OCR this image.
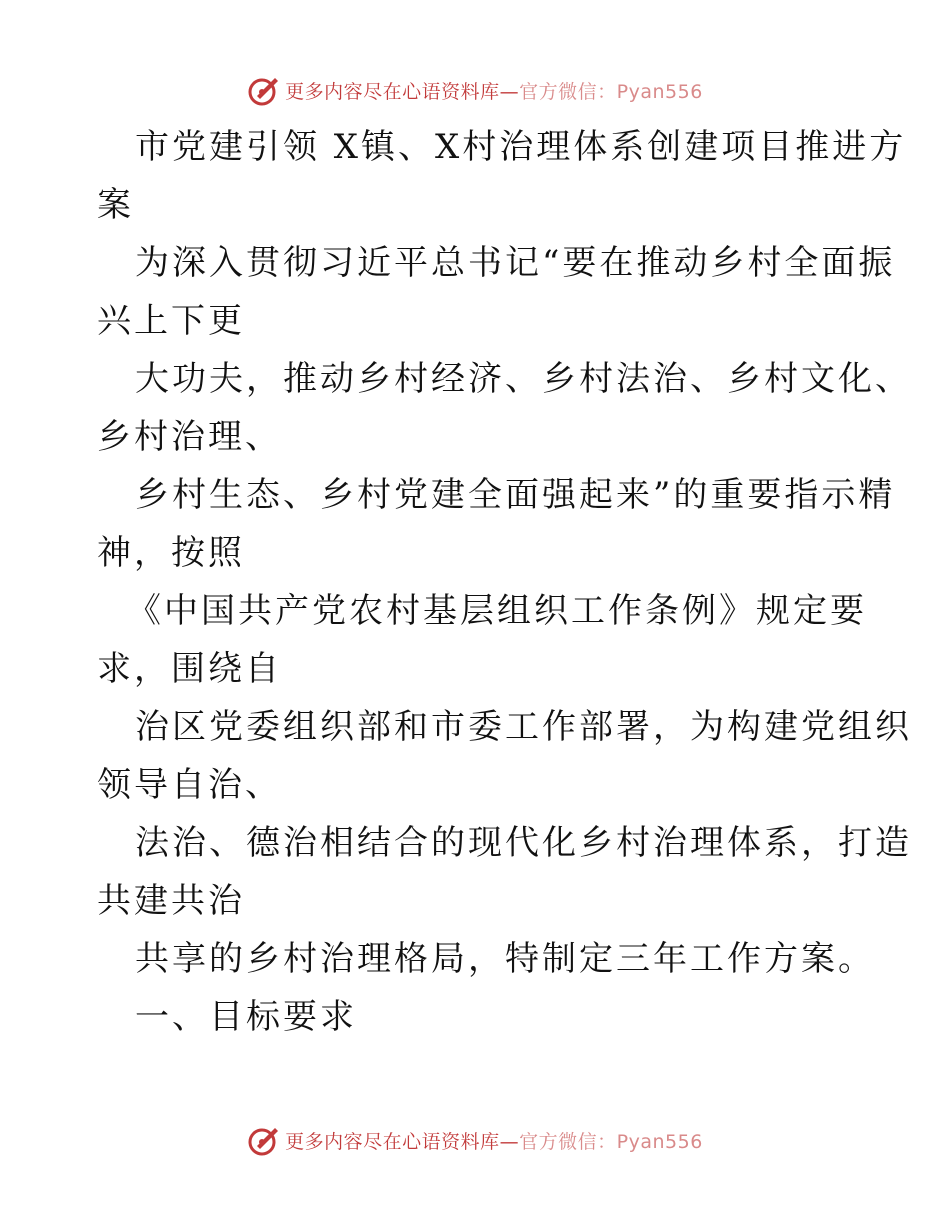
更多内容尽在心语资料库—官方微信：Pyan556

市党建引领 X镇、X村治理体系创建项目推进方

案

为深入贯彻习近平总书记“要在推动乡村全面振

兴上下更

大功夫，推动乡村经济、乡村法治、乡村文化、

乡村治理、

乡村生态、乡村党建全面强起来”的重要指示精

神，按照

《中国共产党农村基层组织工作条例》规定要

求，围绕自

治区党委组织部和市委工作部署，为构建党组织

领导自治、

法治、德治相结合的现代化乡村治理体系，打造

共建共治

共享的乡村治理格局，特制定三年工作方案。

一、目标要求

更多内容尽在心语资料库—官方微信：Pyan556
